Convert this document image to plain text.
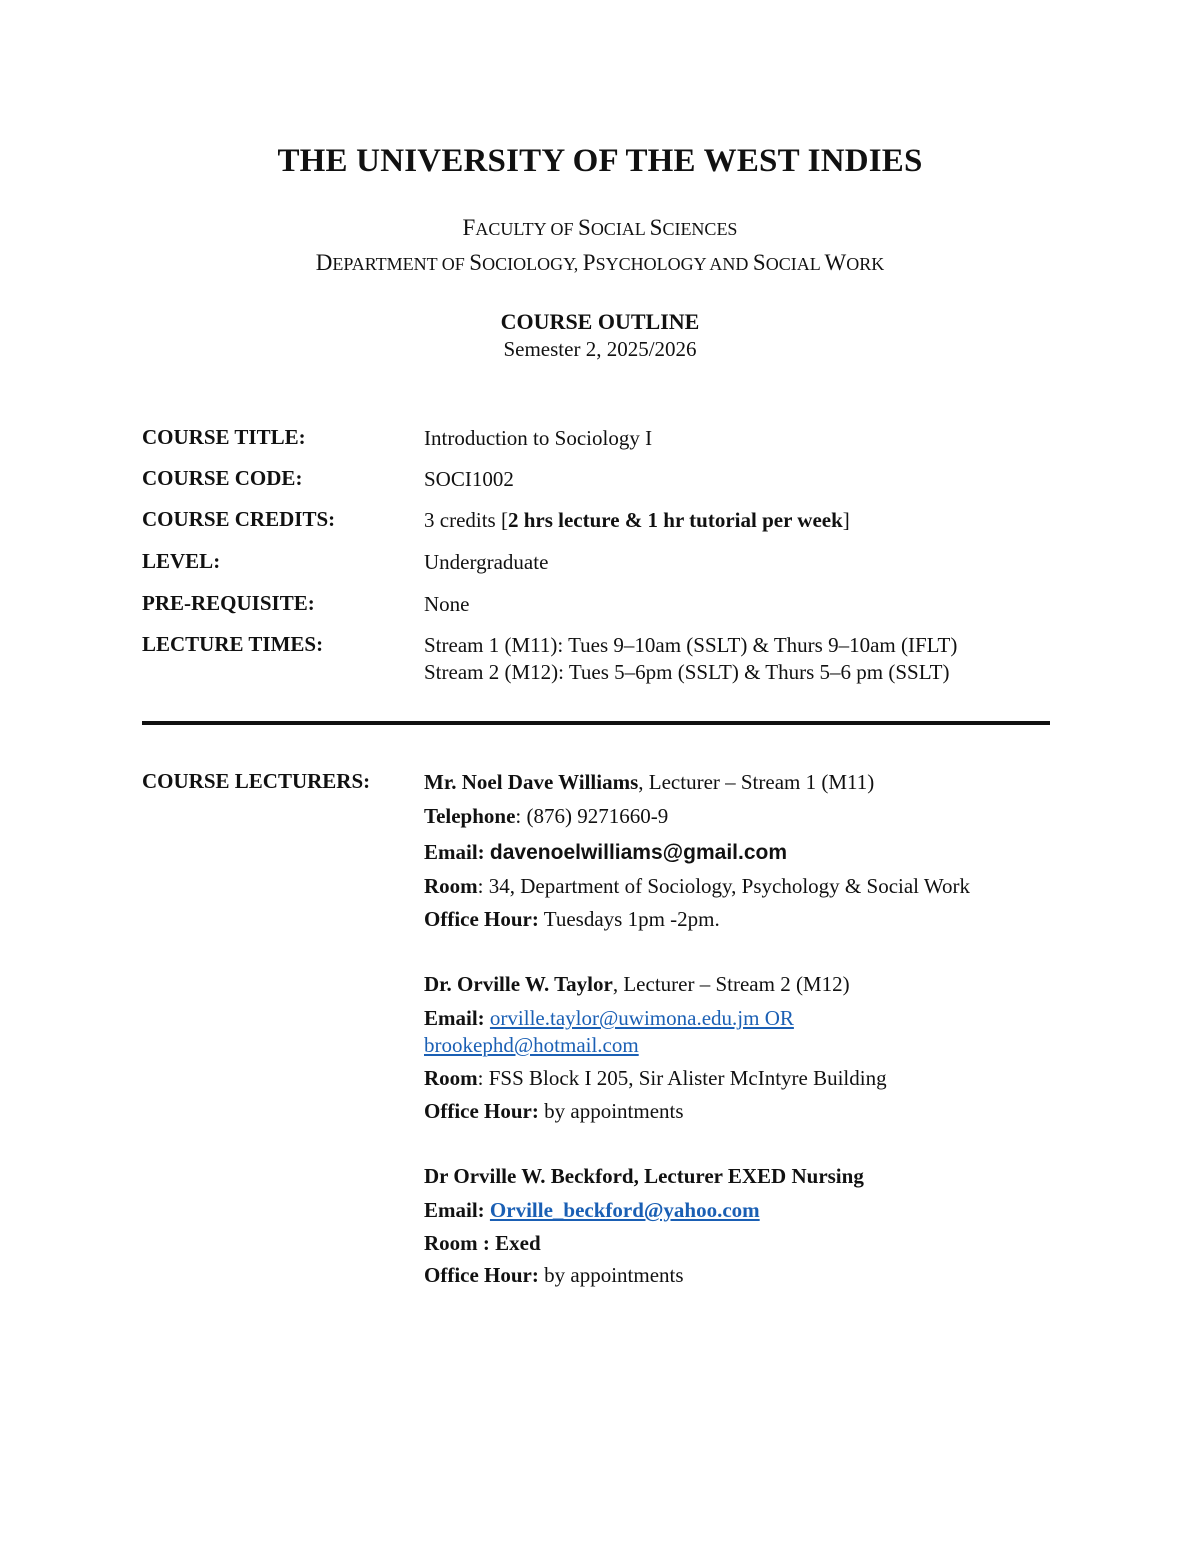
THE UNIVERSITY OF THE WEST INDIES
FACULTY OF SOCIAL SCIENCES
DEPARTMENT OF SOCIOLOGY, PSYCHOLOGY AND SOCIAL WORK
COURSE OUTLINE
Semester 2, 2025/2026
COURSE TITLE:	Introduction to Sociology I
COURSE CODE:	SOCI1002
COURSE CREDITS:	3 credits [2 hrs lecture & 1 hr tutorial per week]
LEVEL:	Undergraduate
PRE-REQUISITE:	None
LECTURE TIMES:	Stream 1 (M11): Tues 9–10am (SSLT) & Thurs 9–10am (IFLT)
Stream 2 (M12): Tues 5–6pm (SSLT) & Thurs 5–6 pm (SSLT)
COURSE LECTURERS:	Mr. Noel Dave Williams, Lecturer – Stream 1 (M11)
Telephone: (876) 9271660-9
Email: davenoelwilliams@gmail.com
Room: 34, Department of Sociology, Psychology & Social Work
Office Hour: Tuesdays 1pm -2pm.
Dr. Orville W. Taylor, Lecturer – Stream 2 (M12)
Email: orville.taylor@uwimona.edu.jm OR
brookephd@hotmail.com
Room: FSS Block I 205, Sir Alister McIntyre Building
Office Hour: by appointments
Dr Orville W. Beckford, Lecturer EXED Nursing
Email: Orville_beckford@yahoo.com
Room : Exed
Office Hour: by appointments
